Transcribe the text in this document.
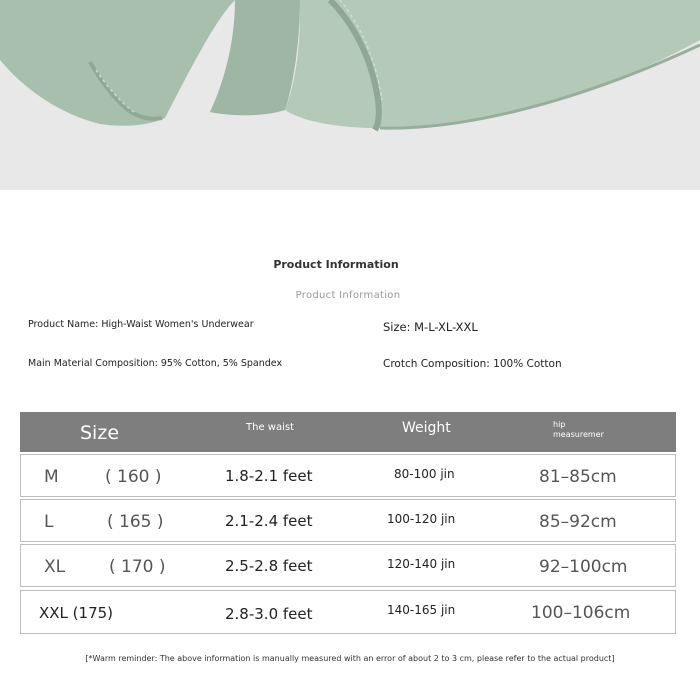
Product Information
Product Information
Product Name: High-Waist Women's Underwear	Size: M-L-XL-XXL
Main Material Composition: 95% Cotton, 5% Spandex	Crotch Composition: 100% Cotton
Size	The waist	Weight	hip
measuremer
M	( 160 )	1.8-2.1 feet	80-100 jin	81–85cm
L	( 165 )	2.1-2.4 feet	100-120 jin	85–92cm
XL	( 170 )	2.5-2.8 feet	120-140 jin	92–100cm
XXL (175)	2.8-3.0 feet	140-165 jin	100–106cm
[*Warm reminder: The above information is manually measured with an error of about 2 to 3 cm, please refer to the actual product]
